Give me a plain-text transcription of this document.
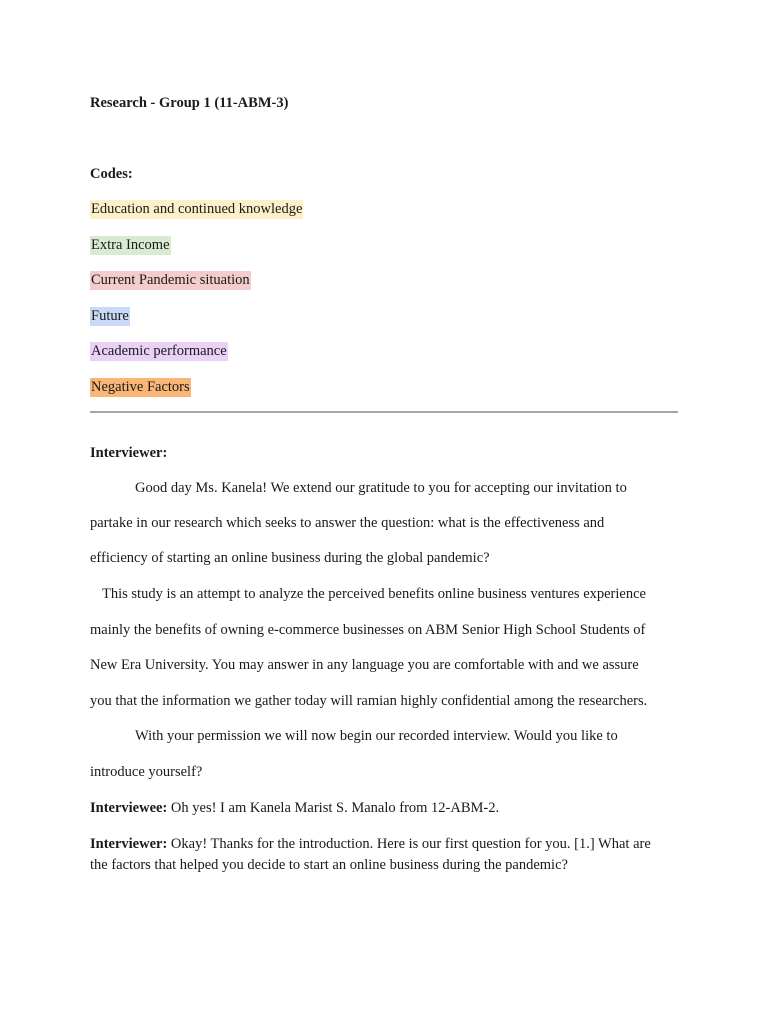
Research - Group 1 (11-ABM-3)
Codes:
Education and continued knowledge
Extra Income
Current Pandemic situation
Future
Academic performance
Negative Factors
Interviewer:
Good day Ms. Kanela! We extend our gratitude to you for accepting our invitation to
partake in our research which seeks to answer the question: what is the effectiveness and
efficiency of starting an online business during the global pandemic?
This study is an attempt to analyze the perceived benefits online business ventures experience
mainly the benefits of owning e-commerce businesses on ABM Senior High School Students of
New Era University. You may answer in any language you are comfortable with and we assure
you that the information we gather today will ramian highly confidential among the researchers.
With your permission we will now begin our recorded interview. Would you like to
introduce yourself?
Interviewee: Oh yes! I am Kanela Marist S. Manalo from 12-ABM-2.
Interviewer: Okay! Thanks for the introduction. Here is our first question for you. [1.] What are
the factors that helped you decide to start an online business during the pandemic?
